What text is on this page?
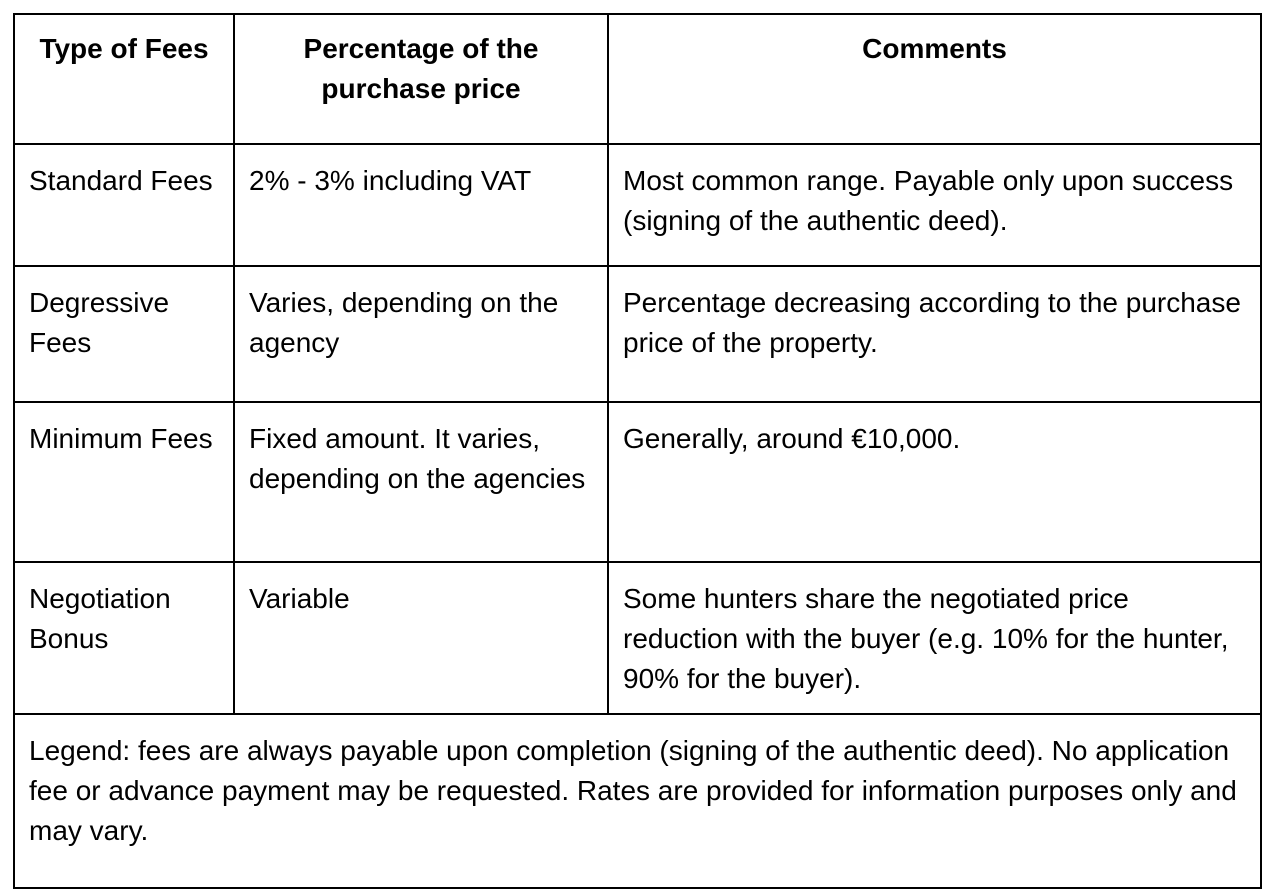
Type of Fees	Percentage of the purchase price	Comments
Standard Fees	2% - 3% including VAT	Most common range. Payable only upon success (signing of the authentic deed).
Degressive Fees	Varies, depending on the agency	Percentage decreasing according to the purchase price of the property.
Minimum Fees	Fixed amount. It varies, depending on the agencies	Generally, around €10,000.
Negotiation Bonus	Variable	Some hunters share the negotiated price reduction with the buyer (e.g. 10% for the hunter, 90% for the buyer).
Legend: fees are always payable upon completion (signing of the authentic deed). No application fee or advance payment may be requested. Rates are provided for information purposes only and may vary.		
